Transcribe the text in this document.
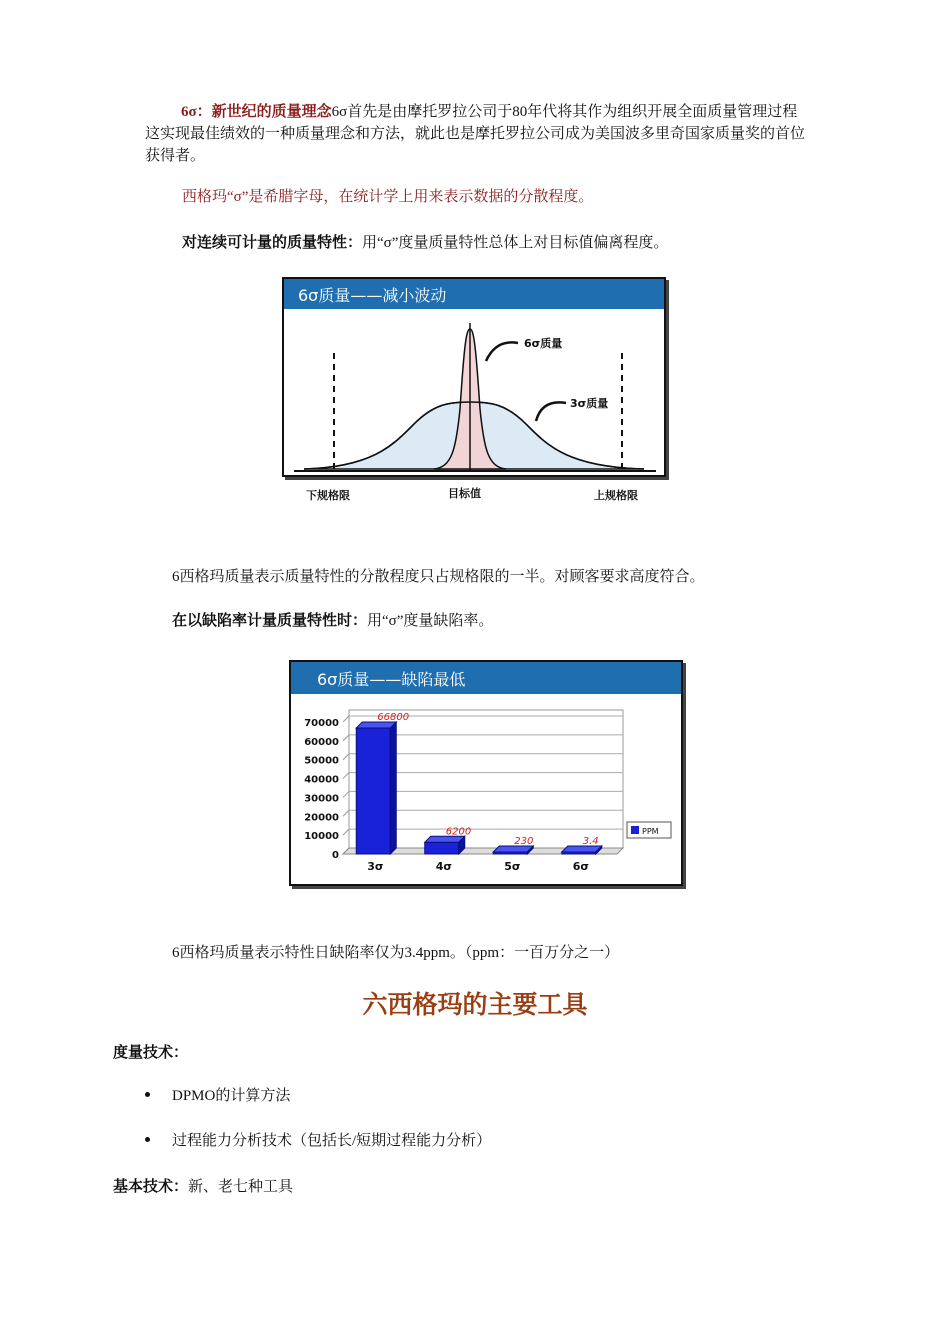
6σ：新世纪的质量理念6σ首先是由摩托罗拉公司于80年代将其作为组织开展全面质量管理过程这实现最佳绩效的一种质量理念和方法，就此也是摩托罗拉公司成为美国波多里奇国家质量奖的首位获得者。

西格玛“σ”是希腊字母，在统计学上用来表示数据的分散程度。

对连续可计量的质量特性：用“σ”度量质量特性总体上对目标值偏离程度。

6σ质量——减小波动
6σ质量
3σ质量
下规格限	目标值	上规格限

6西格玛质量表示质量特性的分散程度只占规格限的一半。对顾客要求高度符合。

在以缺陷率计量质量特性时：用“σ”度量缺陷率。

6σ质量——缺陷最低
70000
60000
50000
40000
30000
20000
10000
0
66800
3σ
6200
4σ
230
5σ
3.4
6σ
PPM

6西格玛质量表示特性日缺陷率仅为3.4ppm。（ppm：一百万分之一）

六西格玛的主要工具

度量技术：

DPMO的计算方法

过程能力分析技术（包括长/短期过程能力分析）

基本技术：新、老七种工具
